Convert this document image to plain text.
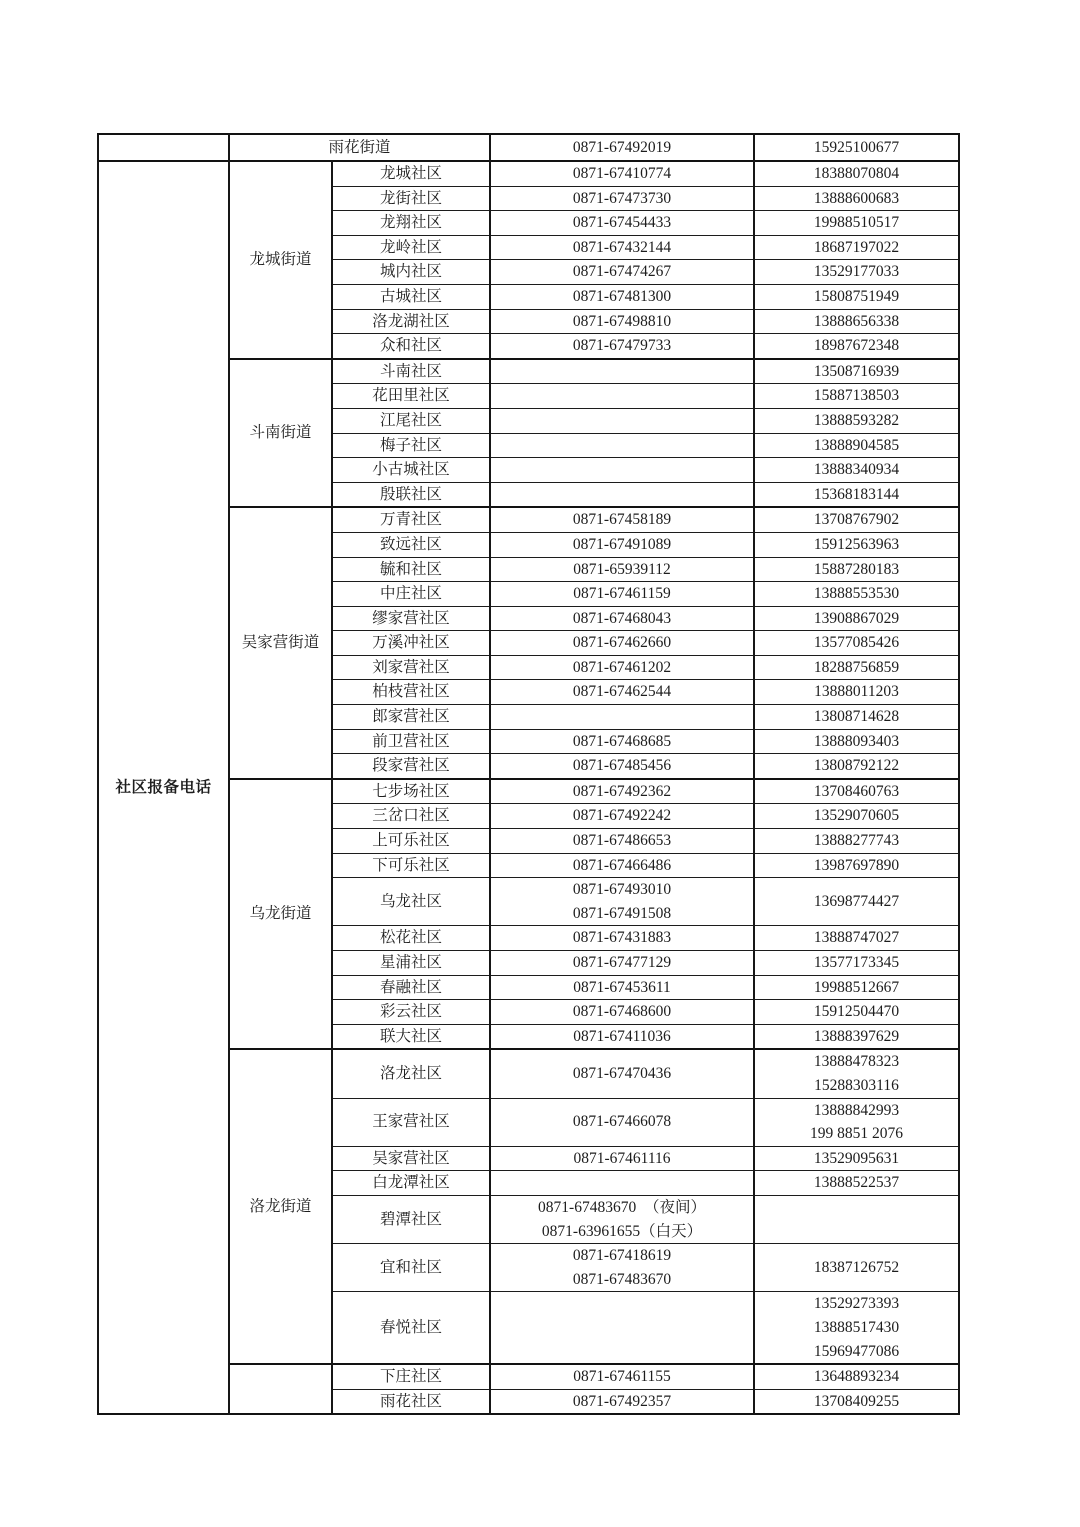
	雨花街道		0871-67492019	15925100677

社区报备电话	龙城街道	龙城社区	0871-67410774	18388070804

		龙街社区	0871-67473730	13888600683

		龙翔社区	0871-67454433	19988510517

		龙岭社区	0871-67432144	18687197022

		城内社区	0871-67474267	13529177033

		古城社区	0871-67481300	15808751949

		洛龙湖社区	0871-67498810	13888656338

		众和社区	0871-67479733	18987672348

	斗南街道	斗南社区		13508716939

		花田里社区		15887138503

		江尾社区		13888593282

		梅子社区		13888904585

		小古城社区		13888340934

		殷联社区		15368183144

	吴家营街道	万青社区	0871-67458189	13708767902

		致远社区	0871-67491089	15912563963

		毓和社区	0871-65939112	15887280183

		中庄社区	0871-67461159	13888553530

		缪家营社区	0871-67468043	13908867029

		万溪冲社区	0871-67462660	13577085426

		刘家营社区	0871-67461202	18288756859

		柏枝营社区	0871-67462544	13888011203

		郎家营社区		13808714628

		前卫营社区	0871-67468685	13888093403

		段家营社区	0871-67485456	13808792122

	乌龙街道	七步场社区	0871-67492362	13708460763

		三岔口社区	0871-67492242	13529070605

		上可乐社区	0871-67486653	13888277743

		下可乐社区	0871-67466486	13987697890

		乌龙社区	0871-67493010
0871-67491508	13698774427

		松花社区	0871-67431883	13888747027

		星浦社区	0871-67477129	13577173345

		春融社区	0871-67453611	19988512667

		彩云社区	0871-67468600	15912504470

		联大社区	0871-67411036	13888397629

	洛龙街道	洛龙社区	0871-67470436	13888478323
15288303116

		王家营社区	0871-67466078	13888842993
199 8851 2076

		吴家营社区	0871-67461116	13529095631

		白龙潭社区		13888522537

		碧潭社区	0871-67483670　（夜间）
0871-63961655（白天）	

		宜和社区	0871-67418619
0871-67483670	18387126752

		春悦社区		13529273393
13888517430
15969477086

		下庄社区	0871-67461155	13648893234

		雨花社区	0871-67492357	13708409255
